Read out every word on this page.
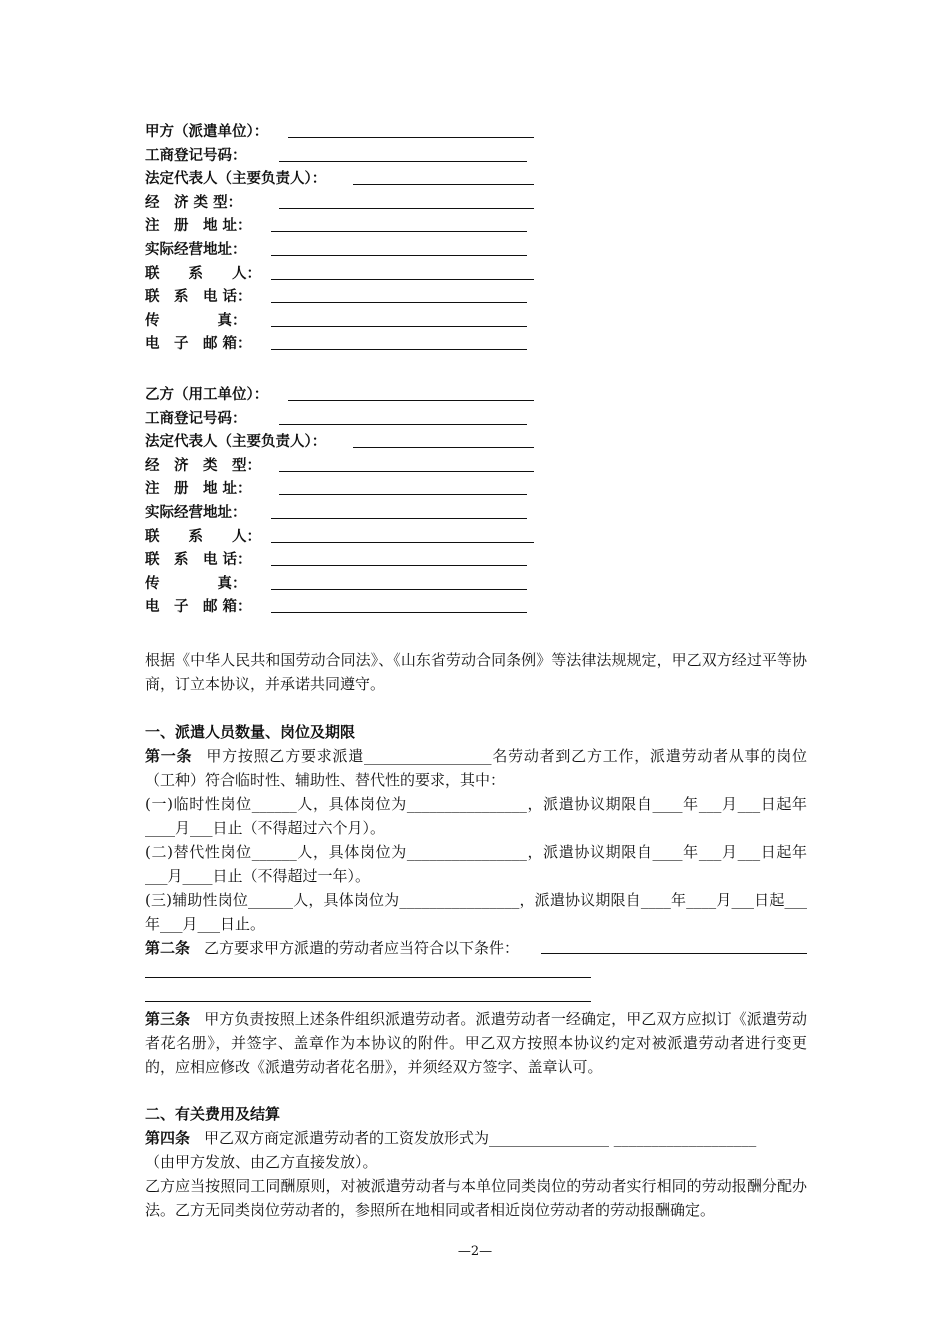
甲方（派遣单位）：
工商登记号码：
法定代表人（主要负责人）：
经　济 类 型：
注　册　地 址：
实际经营地址：
联　　系　　人：
联　系　电 话：
传　　　　真：
电　子　邮 箱：
乙方（用工单位）：
工商登记号码：
法定代表人（主要负责人）：
经　济　类　型：
注　册　地 址：
实际经营地址：
联　　系　　人：
联　系　电 话：
传　　　　真：
电　子　邮 箱：

根据《中华人民共和国劳动合同法》、《山东省劳动合同条例》等法律法规规定，甲乙双方经过平等协商，订立本协议，并承诺共同遵守。

一、派遣人员数量、岗位及期限

第一条 甲方按照乙方要求派遣_________________名劳动者到乙方工作，派遣劳动者从事的岗位（工种）符合临时性、辅助性、替代性的要求，其中：

(一)临时性岗位______人，具体岗位为________________，派遣协议期限自____年___月___日起年____月___日止（不得超过六个月）。

(二)替代性岗位______人，具体岗位为________________，派遣协议期限自____年___月___日起年___月____日止（不得超过一年）。

(三)辅助性岗位______人，具体岗位为________________，派遣协议期限自____年____月___日起___年___月___日止。

第二条 乙方要求甲方派遣的劳动者应当符合以下条件：

第三条 甲方负责按照上述条件组织派遣劳动者。派遣劳动者一经确定，甲乙双方应拟订《派遣劳动者花名册》，并签字、盖章作为本协议的附件。甲乙双方按照本协议约定对被派遣劳动者进行变更的，应相应修改《派遣劳动者花名册》，并须经双方签字、盖章认可。

二、有关费用及结算

第四条 甲乙双方商定派遣劳动者的工资发放形式为________________ ___________________

（由甲方发放、由乙方直接发放）。

乙方应当按照同工同酬原则，对被派遣劳动者与本单位同类岗位的劳动者实行相同的劳动报酬分配办法。乙方无同类岗位劳动者的，参照所在地相同或者相近岗位劳动者的劳动报酬确定。

—2—
